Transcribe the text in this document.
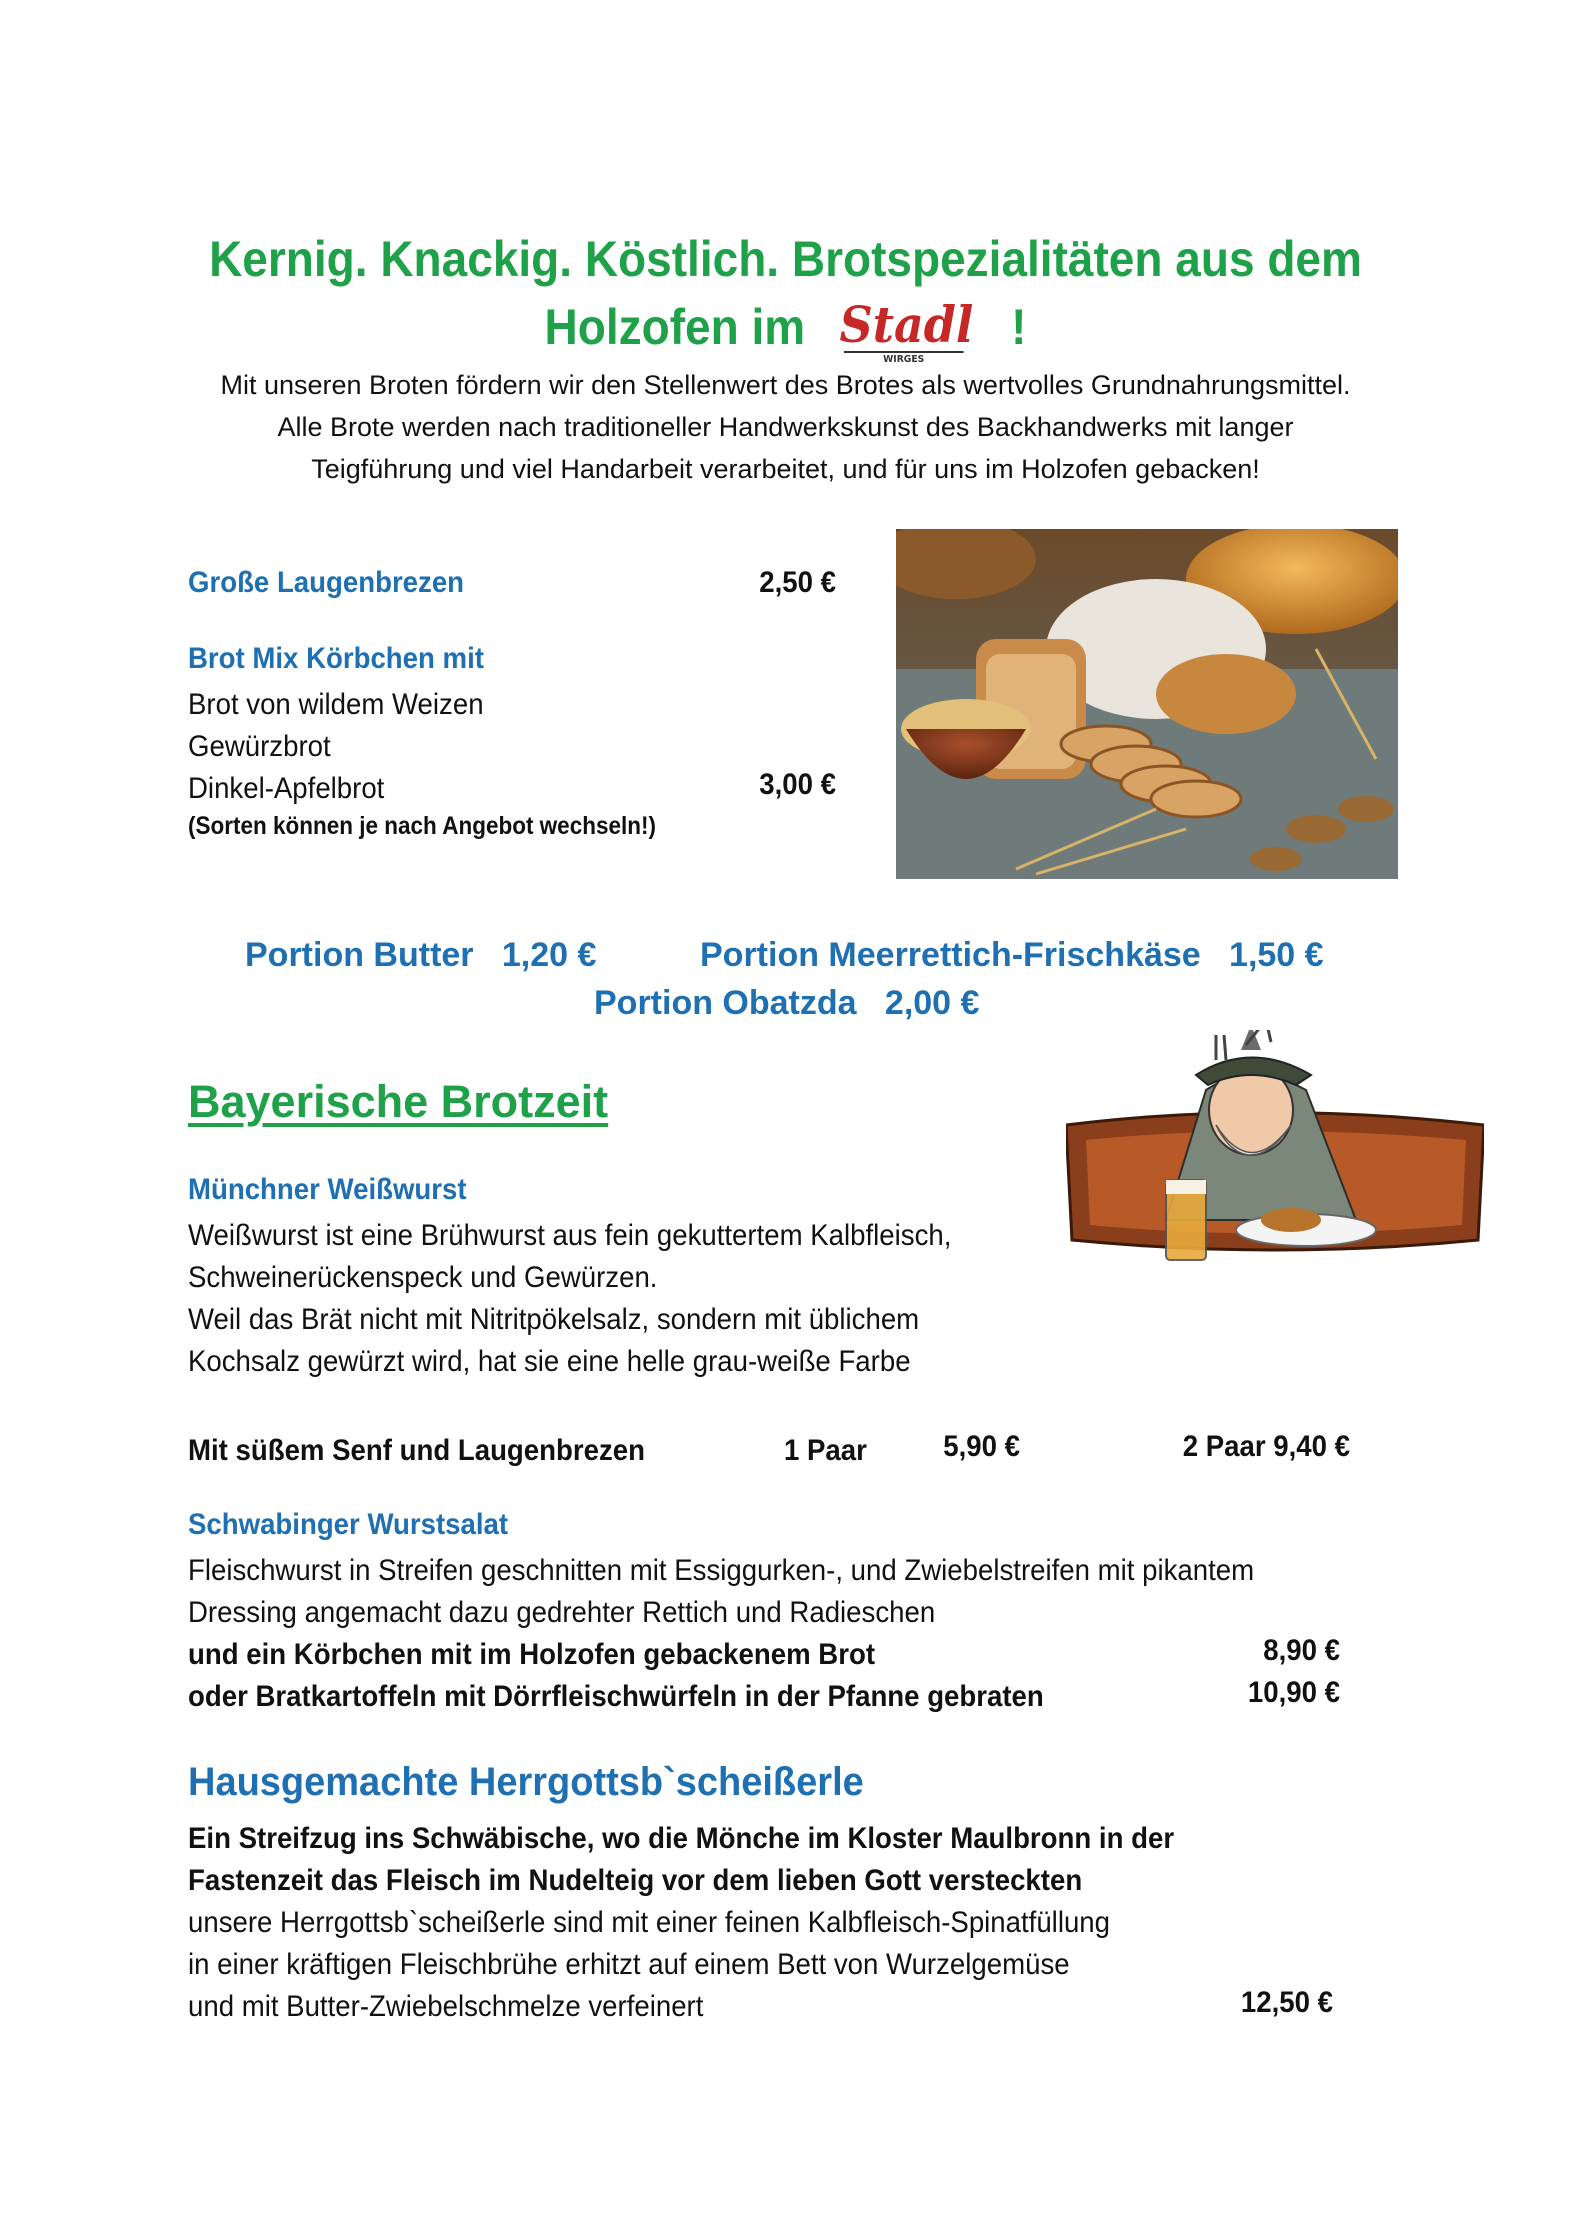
Kernig. Knackig. Köstlich. Brotspezialitäten aus dem
Holzofen im Stadl
WIRGES
!
Mit unseren Broten fördern wir den Stellenwert des Brotes als wertvolles Grundnahrungsmittel.
Alle Brote werden nach traditioneller Handwerkskunst des Backhandwerks mit langer
Teigführung und viel Handarbeit verarbeitet, und für uns im Holzofen gebacken!
Große Laugenbrezen	2,50 €
Brot Mix Körbchen mit
Brot von wildem Weizen
Gewürzbrot
Dinkel-Apfelbrot	3,00 €
(Sorten können je nach Angebot wechseln!)
Portion Butter 1,20 €	Portion Meerrettich-Frischkäse 1,50 €
Portion Obatzda 2,00 €
Bayerische Brotzeit
Münchner Weißwurst
Weißwurst ist eine Brühwurst aus fein gekuttertem Kalbfleisch,
Schweinerückenspeck und Gewürzen.
Weil das Brät nicht mit Nitritpökelsalz, sondern mit üblichem
Kochsalz gewürzt wird, hat sie eine helle grau-weiße Farbe
Mit süßem Senf und Laugenbrezen	1 Paar	5,90 €	2 Paar 9,40 €
Schwabinger Wurstsalat
Fleischwurst in Streifen geschnitten mit Essiggurken-, und Zwiebelstreifen mit pikantem
Dressing angemacht dazu gedrehter Rettich und Radieschen
und ein Körbchen mit im Holzofen gebackenem Brot	8,90 €
oder Bratkartoffeln mit Dörrfleischwürfeln in der Pfanne gebraten	10,90 €
Hausgemachte Herrgottsb`scheißerle
Ein Streifzug ins Schwäbische, wo die Mönche im Kloster Maulbronn in der
Fastenzeit das Fleisch im Nudelteig vor dem lieben Gott versteckten
unsere Herrgottsb`scheißerle sind mit einer feinen Kalbfleisch-Spinatfüllung
in einer kräftigen Fleischbrühe erhitzt auf einem Bett von Wurzelgemüse
und mit Butter-Zwiebelschmelze verfeinert	12,50 €
